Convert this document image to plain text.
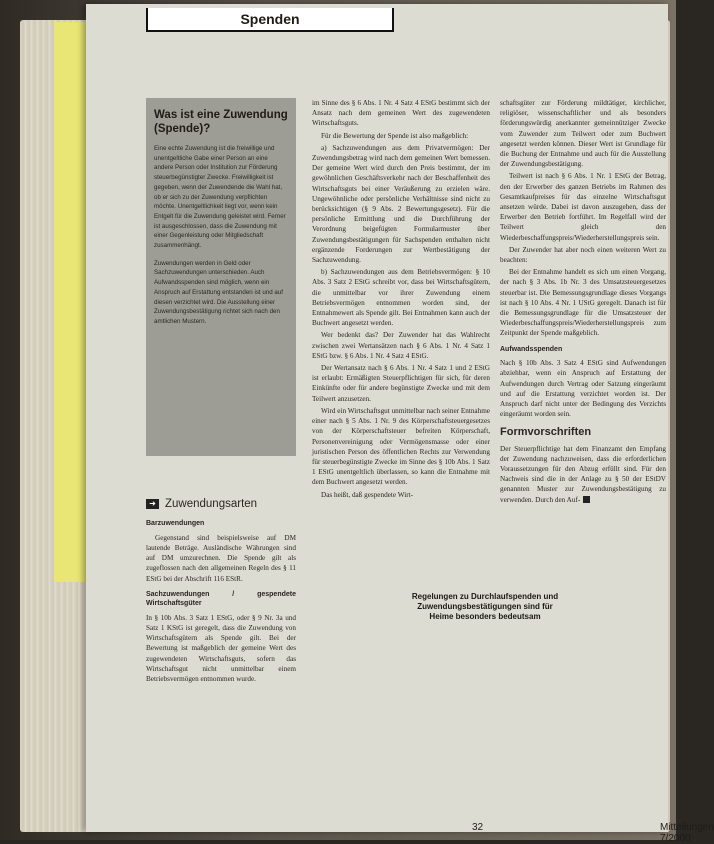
Spenden
Was ist eine Zuwendung (Spende)?

Eine echte Zuwendung ist die freiwillige und unentgeltliche Gabe einer Person an eine andere Person oder Institution zur Förderung steuerbegünstigter Zwecke. Freiwilligkeit ist gegeben, wenn der Zuwendende die Wahl hat, ob er sich zu der Zuwendung verpflichten möchte. Unentgeltlichkeit liegt vor, wenn kein Entgelt für die Zuwendung geleistet wird. Ferner ist ausgeschlossen, dass die Zuwendung mit einer Gegenleistung oder Mitgliedschaft zusammenhängt.

Zuwendungen werden in Geld oder Sachzuwendungen unterschieden. Auch Aufwandsspenden sind möglich, wenn ein Anspruch auf Erstattung entstanden ist und auf diesen verzichtet wird. Die Ausstellung einer Zuwendungsbestätigung richtet sich nach den amtlichen Mustern.

➜ Zuwendungsarten
Barzuwendungen

Gegenstand sind beispielsweise auf DM lautende Beträge. Ausländische Währungen sind auf DM umzurechnen. Die Spende gilt als zugeflossen nach den allgemeinen Regeln des § 11 EStG bei der Abschrift 116 EStR.

Sachzuwendungen / gespendete Wirtschaftsgüter

In § 10b Abs. 3 Satz 1 EStG, oder § 9 Nr. 3a und Satz 1 KStG ist geregelt, dass die Zuwendung von Wirtschaftsgütern als Spende gilt. Bei der Bewertung ist maßgeblich der gemeine Wert des zugewendeten Wirtschaftsguts, sofern das Wirtschaftsgut nicht unmittelbar einem Betriebsvermögen entnommen wurde.

im Sinne des § 6 Abs. 1 Nr. 4 Satz 4 EStG bestimmt sich der Ansatz nach dem gemeinen Wert des zugewendeten Wirtschaftsguts.

Für die Bewertung der Spende ist also maßgeblich:

a) Sachzuwendungen aus dem Privatvermögen: Der Zuwendungsbetrag wird nach dem gemeinen Wert bemessen. Der gemeine Wert wird durch den Preis bestimmt, der im gewöhnlichen Geschäftsverkehr nach der Beschaffenheit des Wirtschaftsguts bei einer Veräußerung zu erzielen wäre. Ungewöhnliche oder persönliche Verhältnisse sind nicht zu berücksichtigen (§ 9 Abs. 2 Bewertungsgesetz). Für die persönliche Ermittlung und die Durchführung der Verordnung beigefügten Formularmuster über Zuwendungsbestätigungen für Sachspenden enthalten nicht ergänzende Forderungen zur Wertbestätigung der Sachzuwendung.

b) Sachzuwendungen aus dem Betriebsvermögen: § 10 Abs. 3 Satz 2 EStG schreibt vor, dass bei Wirtschaftsgütern, die unmittelbar vor ihrer Zuwendung einem Betriebsvermögen entnommen worden sind, der Entnahmewert als Spende gilt. Bei Entnahmen kann auch der Buchwert angesetzt werden.

Wer bedenkt das? Der Zuwender hat das Wahlrecht zwischen zwei Wertansätzen nach § 6 Abs. 1 Nr. 4 Satz 1 EStG bzw. § 6 Abs. 1 Nr. 4 Satz 4 EStG.

Der Wertansatz nach § 6 Abs. 1 Nr. 4 Satz 1 und 2 EStG ist erlaubt: Ermäßigten Steuerpflichtigen für sich, für deren Einkünfte oder für andere begünstigte Zwecke und mit dem Teilwert anzusetzen.

Wird ein Wirtschaftsgut unmittelbar nach seiner Entnahme einer nach § 5 Abs. 1 Nr. 9 des Körperschaftsteuergesetzes von der Körperschaftsteuer befreiten Körperschaft, Personenvereinigung oder Vermögensmasse oder einer juristischen Person des öffentlichen Rechts zur Verwendung für steuerbegünstigte Zwecke im Sinne des § 10b Abs. 1 Satz 1 EStG unentgeltlich überlassen, so kann die Entnahme mit dem Buchwert angesetzt werden.

Das heißt, daß gespendete Wirt-

Regelungen zu Durchlaufspenden und Zuwendungsbestätigungen sind für Heime besonders bedeutsam

schaftsgüter zur Förderung mildtätiger, kirchlicher, religiöser, wissenschaftlicher und als besonders förderungswürdig anerkannter gemeinnütziger Zwecke vom Zuwender zum Teilwert oder zum Buchwert angesetzt werden können. Dieser Wert ist Grundlage für die Buchung der Entnahme und auch für die Ausstellung der Zuwendungsbestätigung.

Teilwert ist nach § 6 Abs. 1 Nr. 1 EStG der Betrag, den der Erwerber des ganzen Betriebs im Rahmen des Gesamtkaufpreises für das einzelne Wirtschaftsgut ansetzen würde. Dabei ist davon auszugehen, dass der Erwerber den Betrieb fortführt. Im Regelfall wird der Teilwert gleich den Wiederbeschaffungspreis/Wiederherstellungspreis sein.

Der Zuwender hat aber noch einen weiteren Wert zu beachten:

Bei der Entnahme handelt es sich um einen Vorgang, der nach § 3 Abs. 1b Nr. 3 des Umsatzsteuergesetzes steuerbar ist. Die Bemessungsgrundlage dieses Vorgangs ist nach § 10 Abs. 4 Nr. 1 UStG geregelt. Danach ist für die Bemessungsgrundlage für die Umsatzsteuer der Wiederbeschaffungspreis/Wiederherstellungspreis zum Zeitpunkt der Spende maßgeblich.

Aufwandsspenden

Nach § 10b Abs. 3 Satz 4 EStG sind Aufwendungen abziehbar, wenn ein Anspruch auf Erstattung der Aufwendungen durch Vertrag oder Satzung eingeräumt und auf die Erstattung verzichtet worden ist. Der Anspruch darf nicht unter der Bedingung des Verzichts eingeräumt worden sein.

Formvorschriften

Der Steuerpflichtige hat dem Finanzamt den Empfang der Zuwendung nachzuweisen, dass die erforderlichen Voraussetzungen für den Abzug erfüllt sind. Für den Nachweis sind die in der Anlage zu § 50 der EStDV genannten Muster zur Zuwendungsbestätigung zu verwenden. Durch den Auf-

32	Mitteilungen 7/2000
